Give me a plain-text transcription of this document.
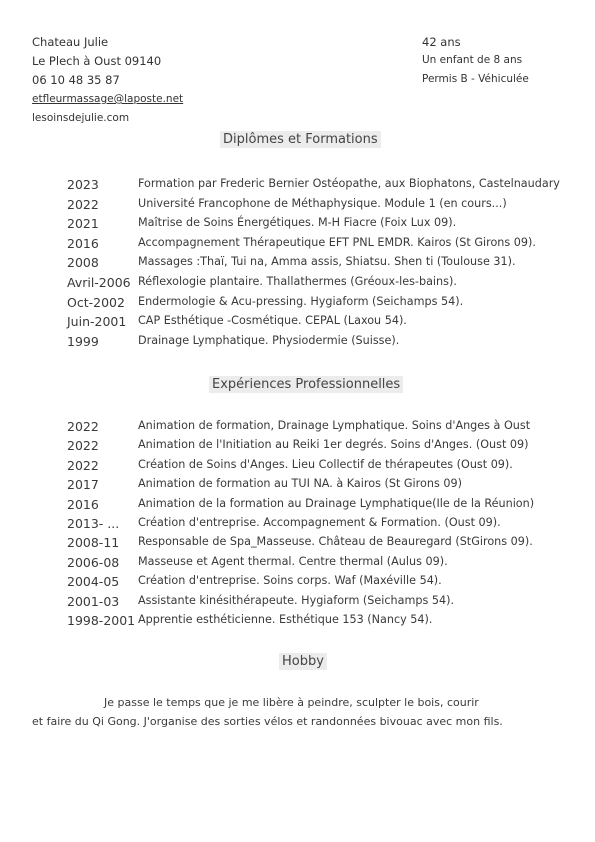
Chateau Julie
Le Plech à Oust 09140
06 10 48 35 87
etfleurmassage@laposte.net
lesoinsdejulie.com
42 ans
Un enfant de 8 ans
Permis B - Véhiculée
Diplômes et Formations
2023	Formation par Frederic Bernier Ostéopathe, aux Biophatons, Castelnaudary
2022	Université Francophone de Méthaphysique. Module 1 (en cours...)
2021	Maîtrise de Soins Énergétiques. M-H Fiacre (Foix Lux 09).
2016	Accompagnement Thérapeutique EFT PNL EMDR. Kairos (St Girons 09).
2008	Massages :Thaï, Tui na, Amma assis, Shiatsu. Shen ti (Toulouse 31).
Avril-2006 Réflexologie plantaire. Thallathermes (Gréoux-les-bains).
Oct-2002 Endermologie & Acu-pressing. Hygiaform (Seichamps 54).
Juin-2001 CAP Esthétique -Cosmétique. CEPAL (Laxou 54).
1999	Drainage Lymphatique. Physiodermie (Suisse).
Expériences Professionnelles
2022	Animation de formation, Drainage Lymphatique. Soins d'Anges à Oust
2022	Animation de l'Initiation au Reiki 1er degrés. Soins d'Anges. (Oust 09)
2022	Création de Soins d'Anges. Lieu Collectif de thérapeutes (Oust 09).
2017	Animation de formation au TUI NA. à Kairos (St Girons 09)
2016	Animation de la formation au Drainage Lymphatique(Ile de la Réunion)
2013- ... Création d'entreprise. Accompagnement & Formation. (Oust 09).
2008-11 Responsable de Spa_Masseuse. Château de Beauregard (StGirons 09).
2006-08 Masseuse et Agent thermal. Centre thermal (Aulus 09).
2004-05 Création d'entreprise. Soins corps. Waf (Maxéville 54).
2001-03 Assistante kinésithérapeute. Hygiaform (Seichamps 54).
1998-2001 Apprentie esthéticienne. Esthétique 153 (Nancy 54).
Hobby
Je passe le temps que je me libère à peindre, sculpter le bois, courir
et faire du Qi Gong. J'organise des sorties vélos et randonnées bivouac avec mon fils.
